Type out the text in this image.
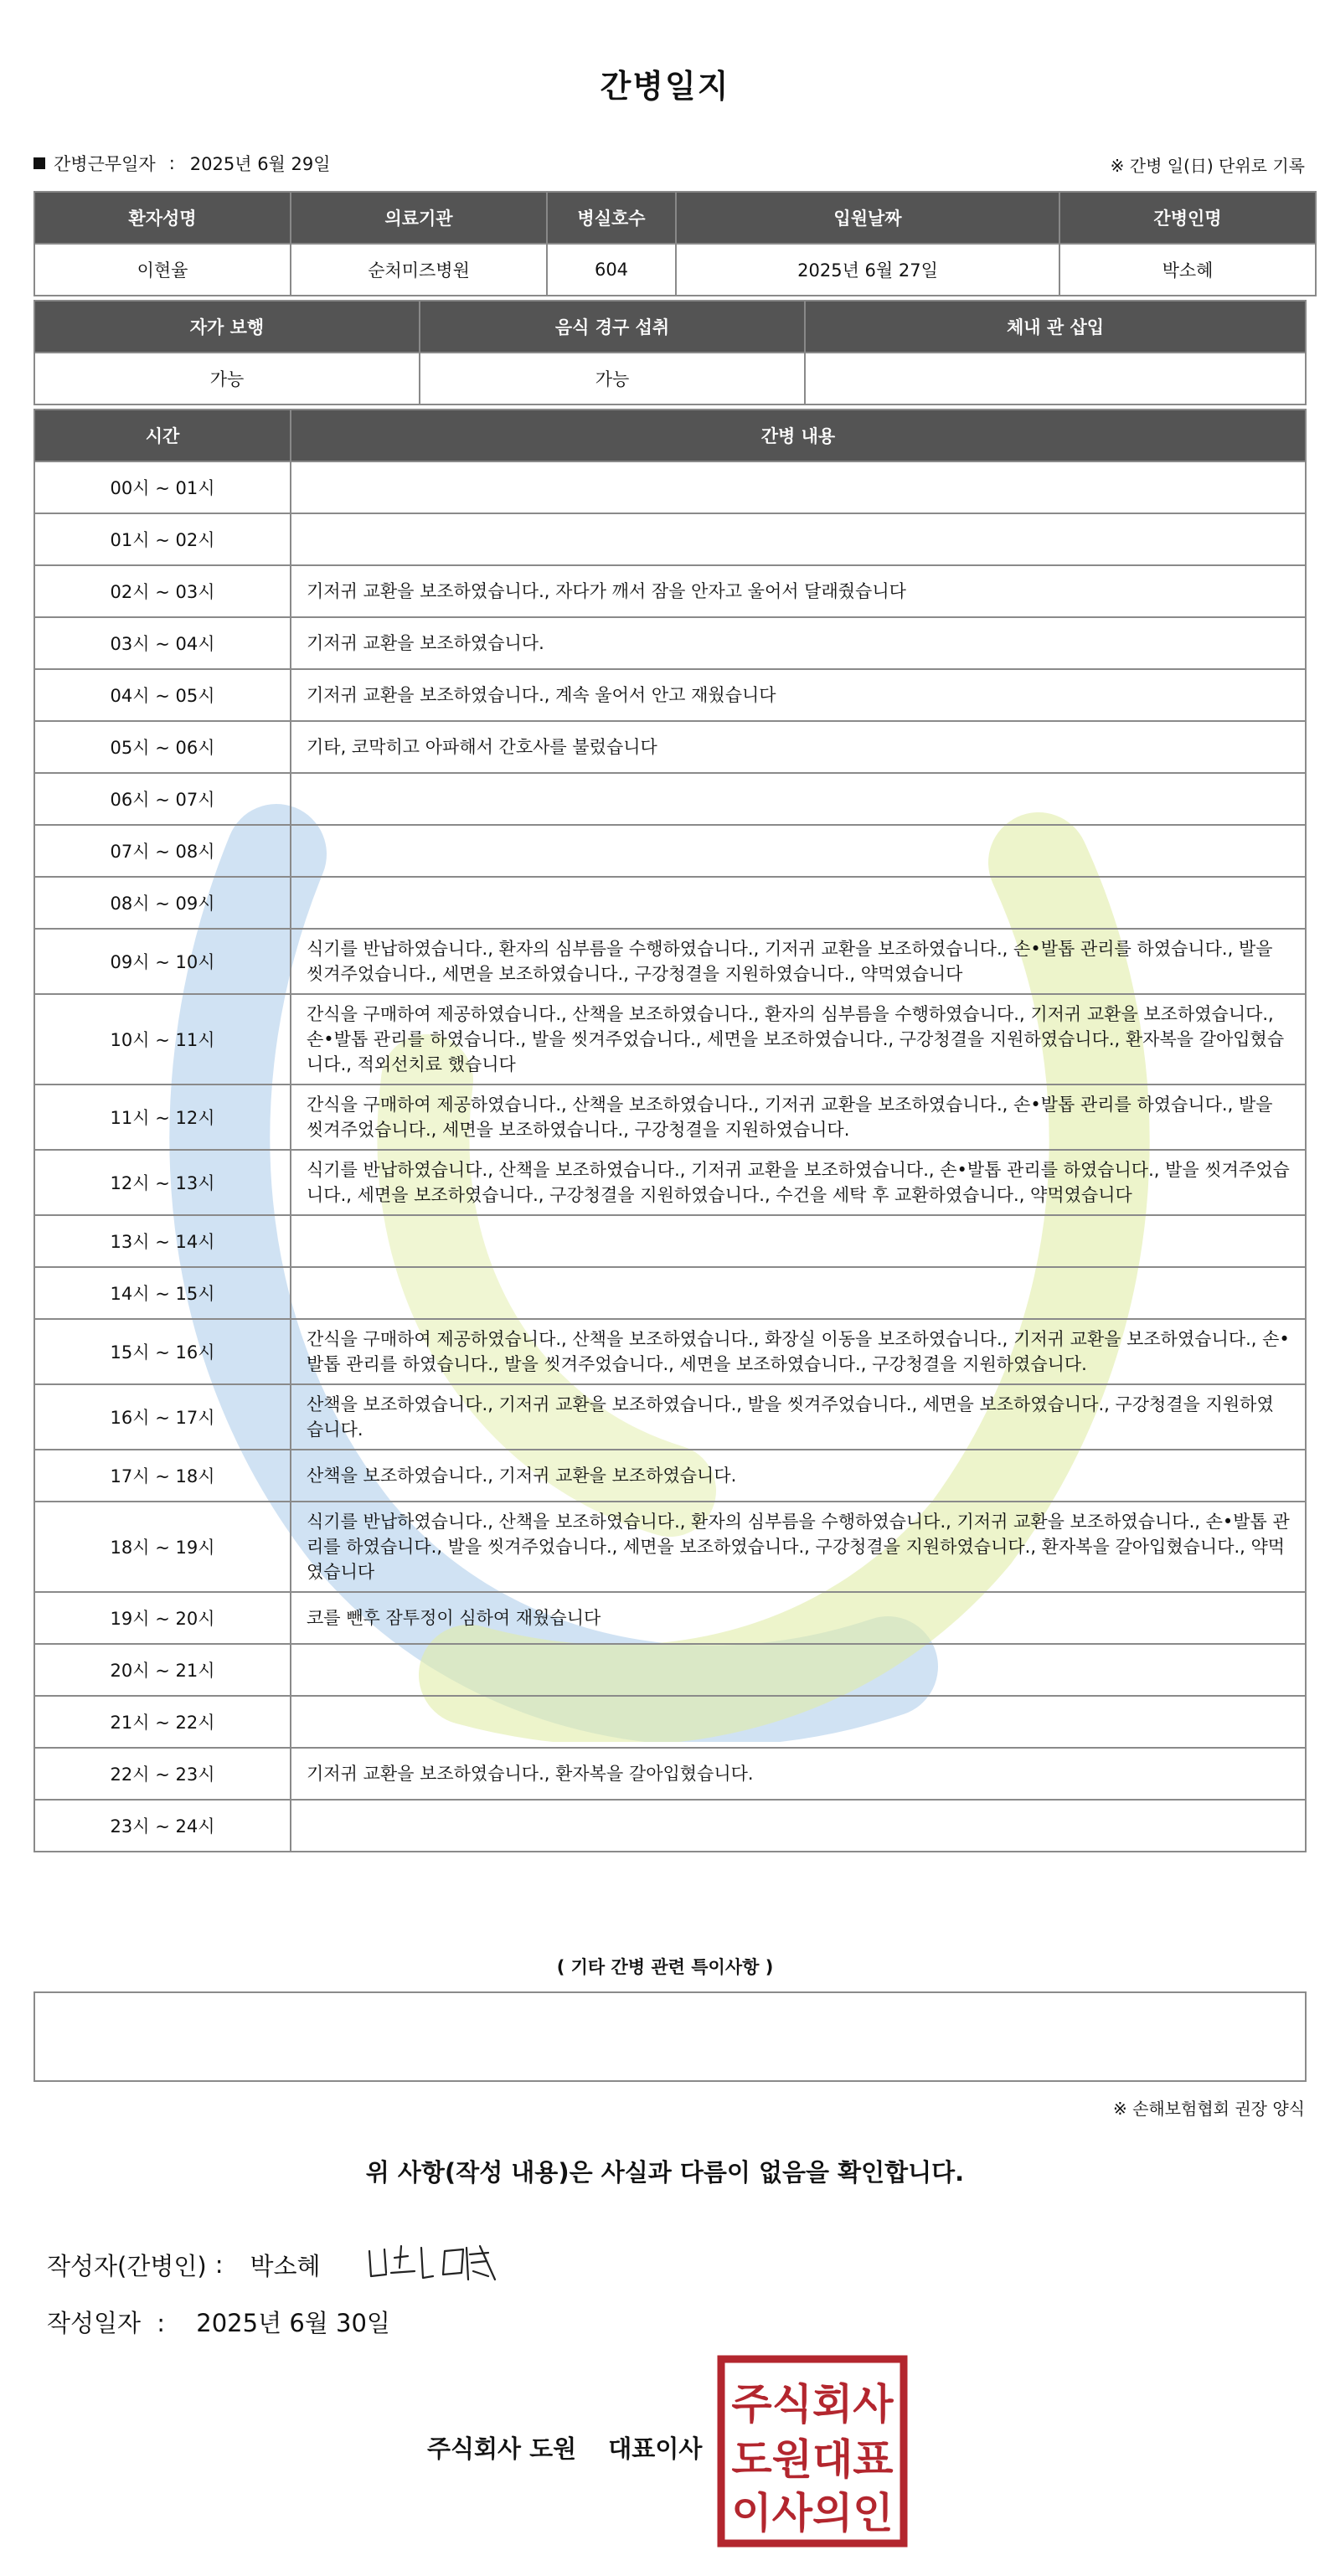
간병일지
간병근무일자 : 2025년 6월 29일	※ 간병 일(日) 단위로 기록
환자성명	의료기관	병실호수	입원날짜	간병인명
이현율	순처미즈병원	604	2025년 6월 27일	박소혜
자가 보행	음식 경구 섭취	체내 관 삽입
가능	가능	
시간	간병 내용
00시 ~ 01시	
01시 ~ 02시	
02시 ~ 03시	기저귀 교환을 보조하였습니다., 자다가 깨서 잠을 안자고 울어서 달래줬습니다
03시 ~ 04시	기저귀 교환을 보조하였습니다.
04시 ~ 05시	기저귀 교환을 보조하였습니다., 계속 울어서 안고 재웠습니다
05시 ~ 06시	기타, 코막히고 아파해서 간호사를 불렀습니다
06시 ~ 07시	
07시 ~ 08시	
08시 ~ 09시	
09시 ~ 10시	식기를 반납하였습니다., 환자의 심부름을 수행하였습니다., 기저귀 교환을 보조하였습니다., 손•발톱 관리를 하였습니다., 발을 씻겨주었습니다., 세면을 보조하였습니다., 구강청결을 지원하였습니다., 약먹였습니다
10시 ~ 11시	간식을 구매하여 제공하였습니다., 산책을 보조하였습니다., 환자의 심부름을 수행하였습니다., 기저귀 교환을 보조하였습니다., 손•발톱 관리를 하였습니다., 발을 씻겨주었습니다., 세면을 보조하였습니다., 구강청결을 지원하였습니다., 환자복을 갈아입혔습니다., 적외선치료 했습니다
11시 ~ 12시	간식을 구매하여 제공하였습니다., 산책을 보조하였습니다., 기저귀 교환을 보조하였습니다., 손•발톱 관리를 하였습니다., 발을 씻겨주었습니다., 세면을 보조하였습니다., 구강청결을 지원하였습니다.
12시 ~ 13시	식기를 반납하였습니다., 산책을 보조하였습니다., 기저귀 교환을 보조하였습니다., 손•발톱 관리를 하였습니다., 발을 씻겨주었습니다., 세면을 보조하였습니다., 구강청결을 지원하였습니다., 수건을 세탁 후 교환하였습니다., 약먹였습니다
13시 ~ 14시	
14시 ~ 15시	
15시 ~ 16시	간식을 구매하여 제공하였습니다., 산책을 보조하였습니다., 화장실 이동을 보조하였습니다., 기저귀 교환을 보조하였습니다., 손•발톱 관리를 하였습니다., 발을 씻겨주었습니다., 세면을 보조하였습니다., 구강청결을 지원하였습니다.
16시 ~ 17시	산책을 보조하였습니다., 기저귀 교환을 보조하였습니다., 발을 씻겨주었습니다., 세면을 보조하였습니다., 구강청결을 지원하였습니다.
17시 ~ 18시	산책을 보조하였습니다., 기저귀 교환을 보조하였습니다.
18시 ~ 19시	식기를 반납하였습니다., 산책을 보조하였습니다., 환자의 심부름을 수행하였습니다., 기저귀 교환을 보조하였습니다., 손•발톱 관리를 하였습니다., 발을 씻겨주었습니다., 세면을 보조하였습니다., 구강청결을 지원하였습니다., 환자복을 갈아입혔습니다., 약먹였습니다
19시 ~ 20시	코를 뺀후 잠투정이 심하여 재웠습니다
20시 ~ 21시	
21시 ~ 22시	
22시 ~ 23시	기저귀 교환을 보조하였습니다., 환자복을 갈아입혔습니다.
23시 ~ 24시	
( 기타 간병 관련 특이사항 )
※ 손해보험협회 권장 양식
위 사항(작성 내용)은 사실과 다름이 없음을 확인합니다.
작성자(간병인) : 박소혜
작성일자 : 2025년 6월 30일
주식회사 도원 대표이사
주식회사
도원대표
이사의인
